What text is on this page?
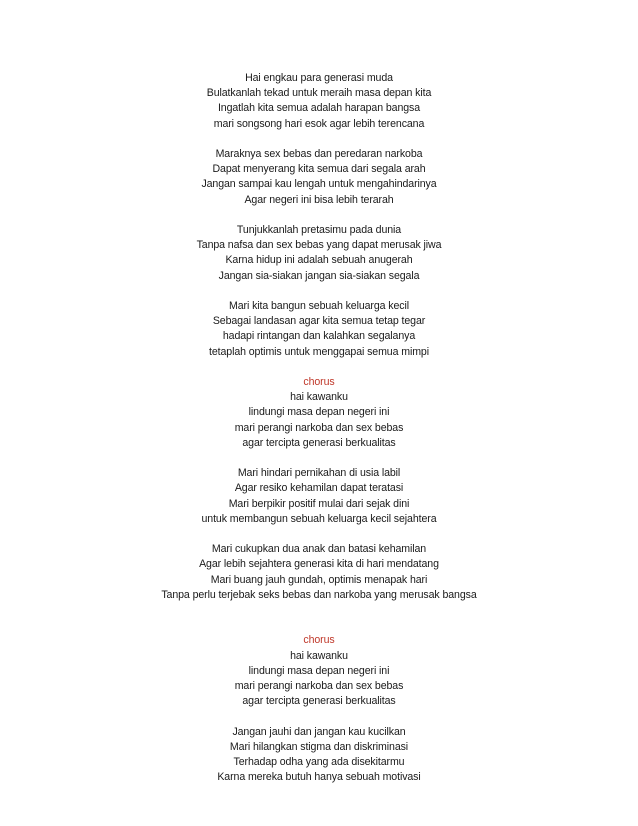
Hai engkau para generasi muda
Bulatkanlah tekad untuk meraih masa depan kita
Ingatlah kita semua adalah harapan bangsa
mari songsong hari esok agar lebih terencana
Maraknya sex bebas dan peredaran narkoba
Dapat menyerang kita semua dari segala arah
Jangan sampai kau lengah untuk mengahindarinya
Agar negeri ini bisa lebih terarah
Tunjukkanlah pretasimu pada dunia
Tanpa nafsa dan sex bebas yang dapat merusak jiwa
Karna hidup ini adalah sebuah anugerah
Jangan sia-siakan jangan sia-siakan segala
Mari kita bangun sebuah keluarga kecil
Sebagai landasan agar kita semua tetap tegar
hadapi rintangan dan kalahkan segalanya
tetaplah optimis untuk menggapai semua mimpi
chorus
hai kawanku
lindungi masa depan negeri ini
mari perangi narkoba dan sex bebas
agar tercipta generasi berkualitas
Mari hindari pernikahan di usia labil
Agar resiko kehamilan dapat teratasi
Mari berpikir positif mulai dari sejak dini
untuk membangun sebuah keluarga kecil sejahtera
Mari cukupkan dua anak dan batasi kehamilan
Agar lebih sejahtera generasi kita di hari mendatang
Mari buang jauh gundah, optimis menapak hari
Tanpa perlu terjebak seks bebas dan narkoba yang merusak bangsa
chorus
hai kawanku
lindungi masa depan negeri ini
mari perangi narkoba dan sex bebas
agar tercipta generasi berkualitas
Jangan jauhi dan jangan kau kucilkan
Mari hilangkan stigma dan diskriminasi
Terhadap odha yang ada disekitarmu
Karna mereka butuh hanya sebuah motivasi
